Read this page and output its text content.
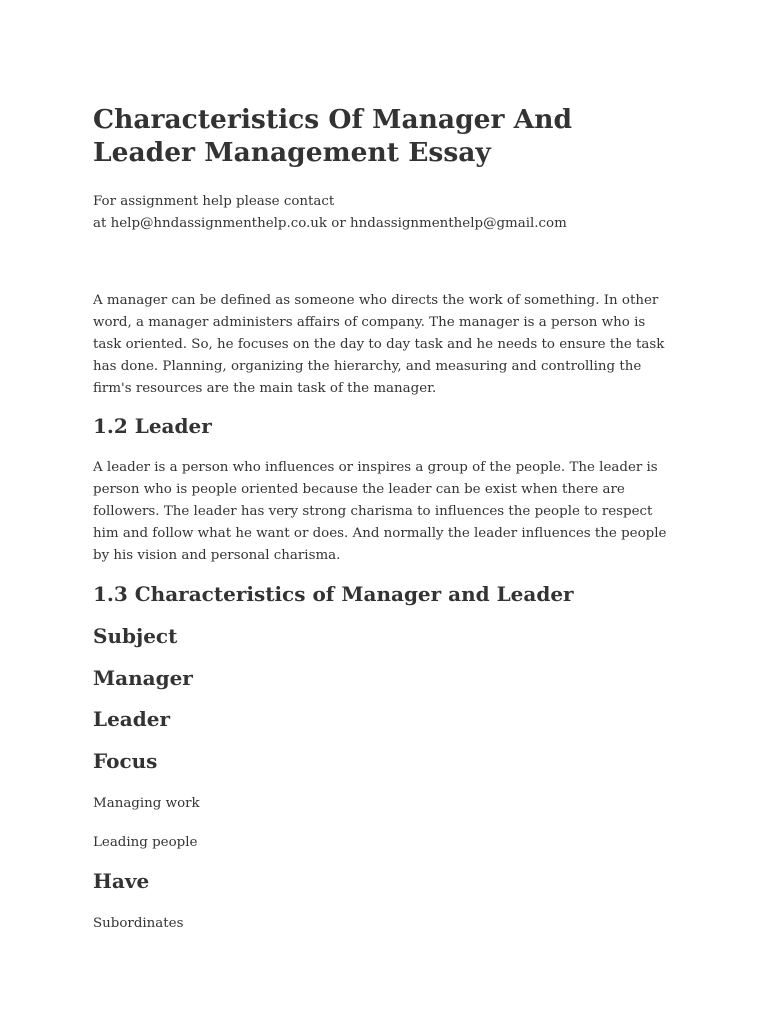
Characteristics Of Manager And
Leader Management Essay
For assignment help please contact
at help@hndassignmenthelp.co.uk or hndassignmenthelp@gmail.com

A manager can be defined as someone who directs the work of something. In other
word, a manager administers affairs of company. The manager is a person who is
task oriented. So, he focuses on the day to day task and he needs to ensure the task
has done. Planning, organizing the hierarchy, and measuring and controlling the
firm's resources are the main task of the manager.

1.2 Leader

A leader is a person who influences or inspires a group of the people. The leader is
person who is people oriented because the leader can be exist when there are
followers. The leader has very strong charisma to influences the people to respect
him and follow what he want or does. And normally the leader influences the people
by his vision and personal charisma.

1.3 Characteristics of Manager and Leader
Subject
Manager
Leader
Focus

Managing work

Leading people

Have

Subordinates
